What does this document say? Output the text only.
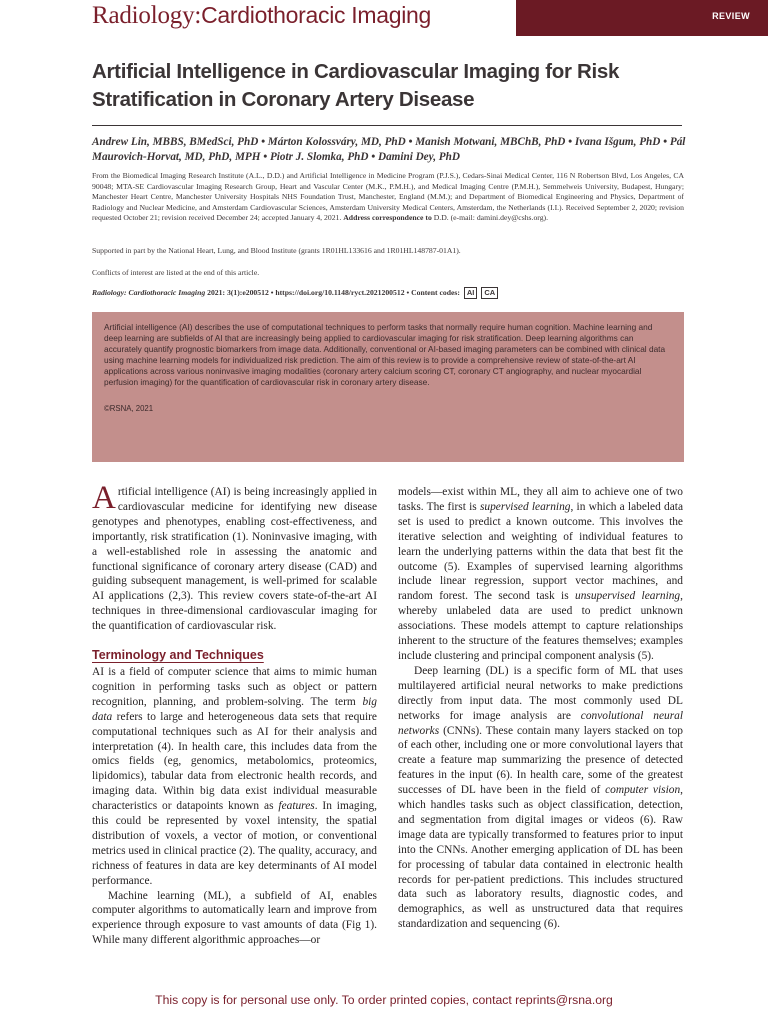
Radiology:Cardiothoracic Imaging	REVIEW
Artificial Intelligence in Cardiovascular Imaging for Risk Stratification in Coronary Artery Disease
Andrew Lin, MBBS, BMedSci, PhD • Márton Kolossváry, MD, PhD • Manish Motwani, MBChB, PhD • Ivana Išgum, PhD • Pál Maurovich-Horvat, MD, PhD, MPH • Piotr J. Slomka, PhD • Damini Dey, PhD
From the Biomedical Imaging Research Institute (A.L., D.D.) and Artificial Intelligence in Medicine Program (P.J.S.), Cedars-Sinai Medical Center, 116 N Robertson Blvd, Los Angeles, CA 90048; MTA-SE Cardiovascular Imaging Research Group, Heart and Vascular Center (M.K., P.M.H.), and Medical Imaging Centre (P.M.H.), Semmelweis University, Budapest, Hungary; Manchester Heart Centre, Manchester University Hospitals NHS Foundation Trust, Manchester, England (M.M.); and Department of Biomedical Engineering and Physics, Department of Radiology and Nuclear Medicine, and Amsterdam Cardiovascular Sciences, Amsterdam University Medical Centers, Amsterdam, the Netherlands (I.I.). Received September 2, 2020; revision requested October 21; revision received December 24; accepted January 4, 2021. Address correspondence to D.D. (e-mail: damini.dey@cshs.org).
Supported in part by the National Heart, Lung, and Blood Institute (grants 1R01HL133616 and 1R01HL148787-01A1).
Conflicts of interest are listed at the end of this article.
Radiology: Cardiothoracic Imaging 2021: 3(1):e200512 • https://doi.org/10.1148/ryct.2021200512 • Content codes: AI CA

Artificial intelligence (AI) describes the use of computational techniques to perform tasks that normally require human cognition. Machine learning and deep learning are subfields of AI that are increasingly being applied to cardiovascular imaging for risk stratification. Deep learning algorithms can accurately quantify prognostic biomarkers from image data. Additionally, conventional or AI-based imaging parameters can be combined with clinical data using machine learning models for individualized risk prediction. The aim of this review is to provide a comprehensive review of state-of-the-art AI applications across various noninvasive imaging modalities (coronary artery calcium scoring CT, coronary CT angiography, and nuclear myocardial perfusion imaging) for the quantification of cardiovascular risk in coronary artery disease.

©RSNA, 2021

Artificial intelligence (AI) is being increasingly applied in cardiovascular medicine for identifying new disease genotypes and phenotypes, enabling cost-effectiveness, and importantly, risk stratification (1). Noninvasive imaging, with a well-established role in assessing the anatomic and functional significance of coronary artery disease (CAD) and guiding subsequent management, is well-primed for scalable AI applications (2,3). This review covers state-of-the-art AI techniques in three-dimensional cardiovascular imaging for the quantification of cardiovascular risk.

Terminology and Techniques

AI is a field of computer science that aims to mimic human cognition in performing tasks such as object or pattern recognition, planning, and problem-solving. The term big data refers to large and heterogeneous data sets that require computational techniques such as AI for their analysis and interpretation (4). In health care, this includes data from the omics fields (eg, genomics, metabolomics, proteomics, lipidomics), tabular data from electronic health records, and imaging data. Within big data exist individual measurable characteristics or datapoints known as features. In imaging, this could be represented by voxel intensity, the spatial distribution of voxels, a vector of motion, or conventional metrics used in clinical practice (2). The quality, accuracy, and richness of features in data are key determinants of AI model performance.

Machine learning (ML), a subfield of AI, enables computer algorithms to automatically learn and improve from experience through exposure to vast amounts of data (Fig 1). While many different algorithmic approaches—or

models—exist within ML, they all aim to achieve one of two tasks. The first is supervised learning, in which a labeled data set is used to predict a known outcome. This involves the iterative selection and weighting of individual features to learn the underlying patterns within the data that best fit the outcome (5). Examples of supervised learning algorithms include linear regression, support vector machines, and random forest. The second task is unsupervised learning, whereby unlabeled data are used to predict unknown associations. These models attempt to capture relationships inherent to the structure of the features themselves; examples include clustering and principal component analysis (5).

Deep learning (DL) is a specific form of ML that uses multilayered artificial neural networks to make predictions directly from input data. The most commonly used DL networks for image analysis are convolutional neural networks (CNNs). These contain many layers stacked on top of each other, including one or more convolutional layers that create a feature map summarizing the presence of detected features in the input (6). In health care, some of the greatest successes of DL have been in the field of computer vision, which handles tasks such as object classification, detection, and segmentation from digital images or videos (6). Raw image data are typically transformed to features prior to input into the CNNs. Another emerging application of DL has been for processing of tabular data contained in electronic health records for per-patient predictions. This includes structured data such as laboratory results, diagnostic codes, and demographics, as well as unstructured data that requires standardization and sequencing (6).

This copy is for personal use only. To order printed copies, contact reprints@rsna.org
